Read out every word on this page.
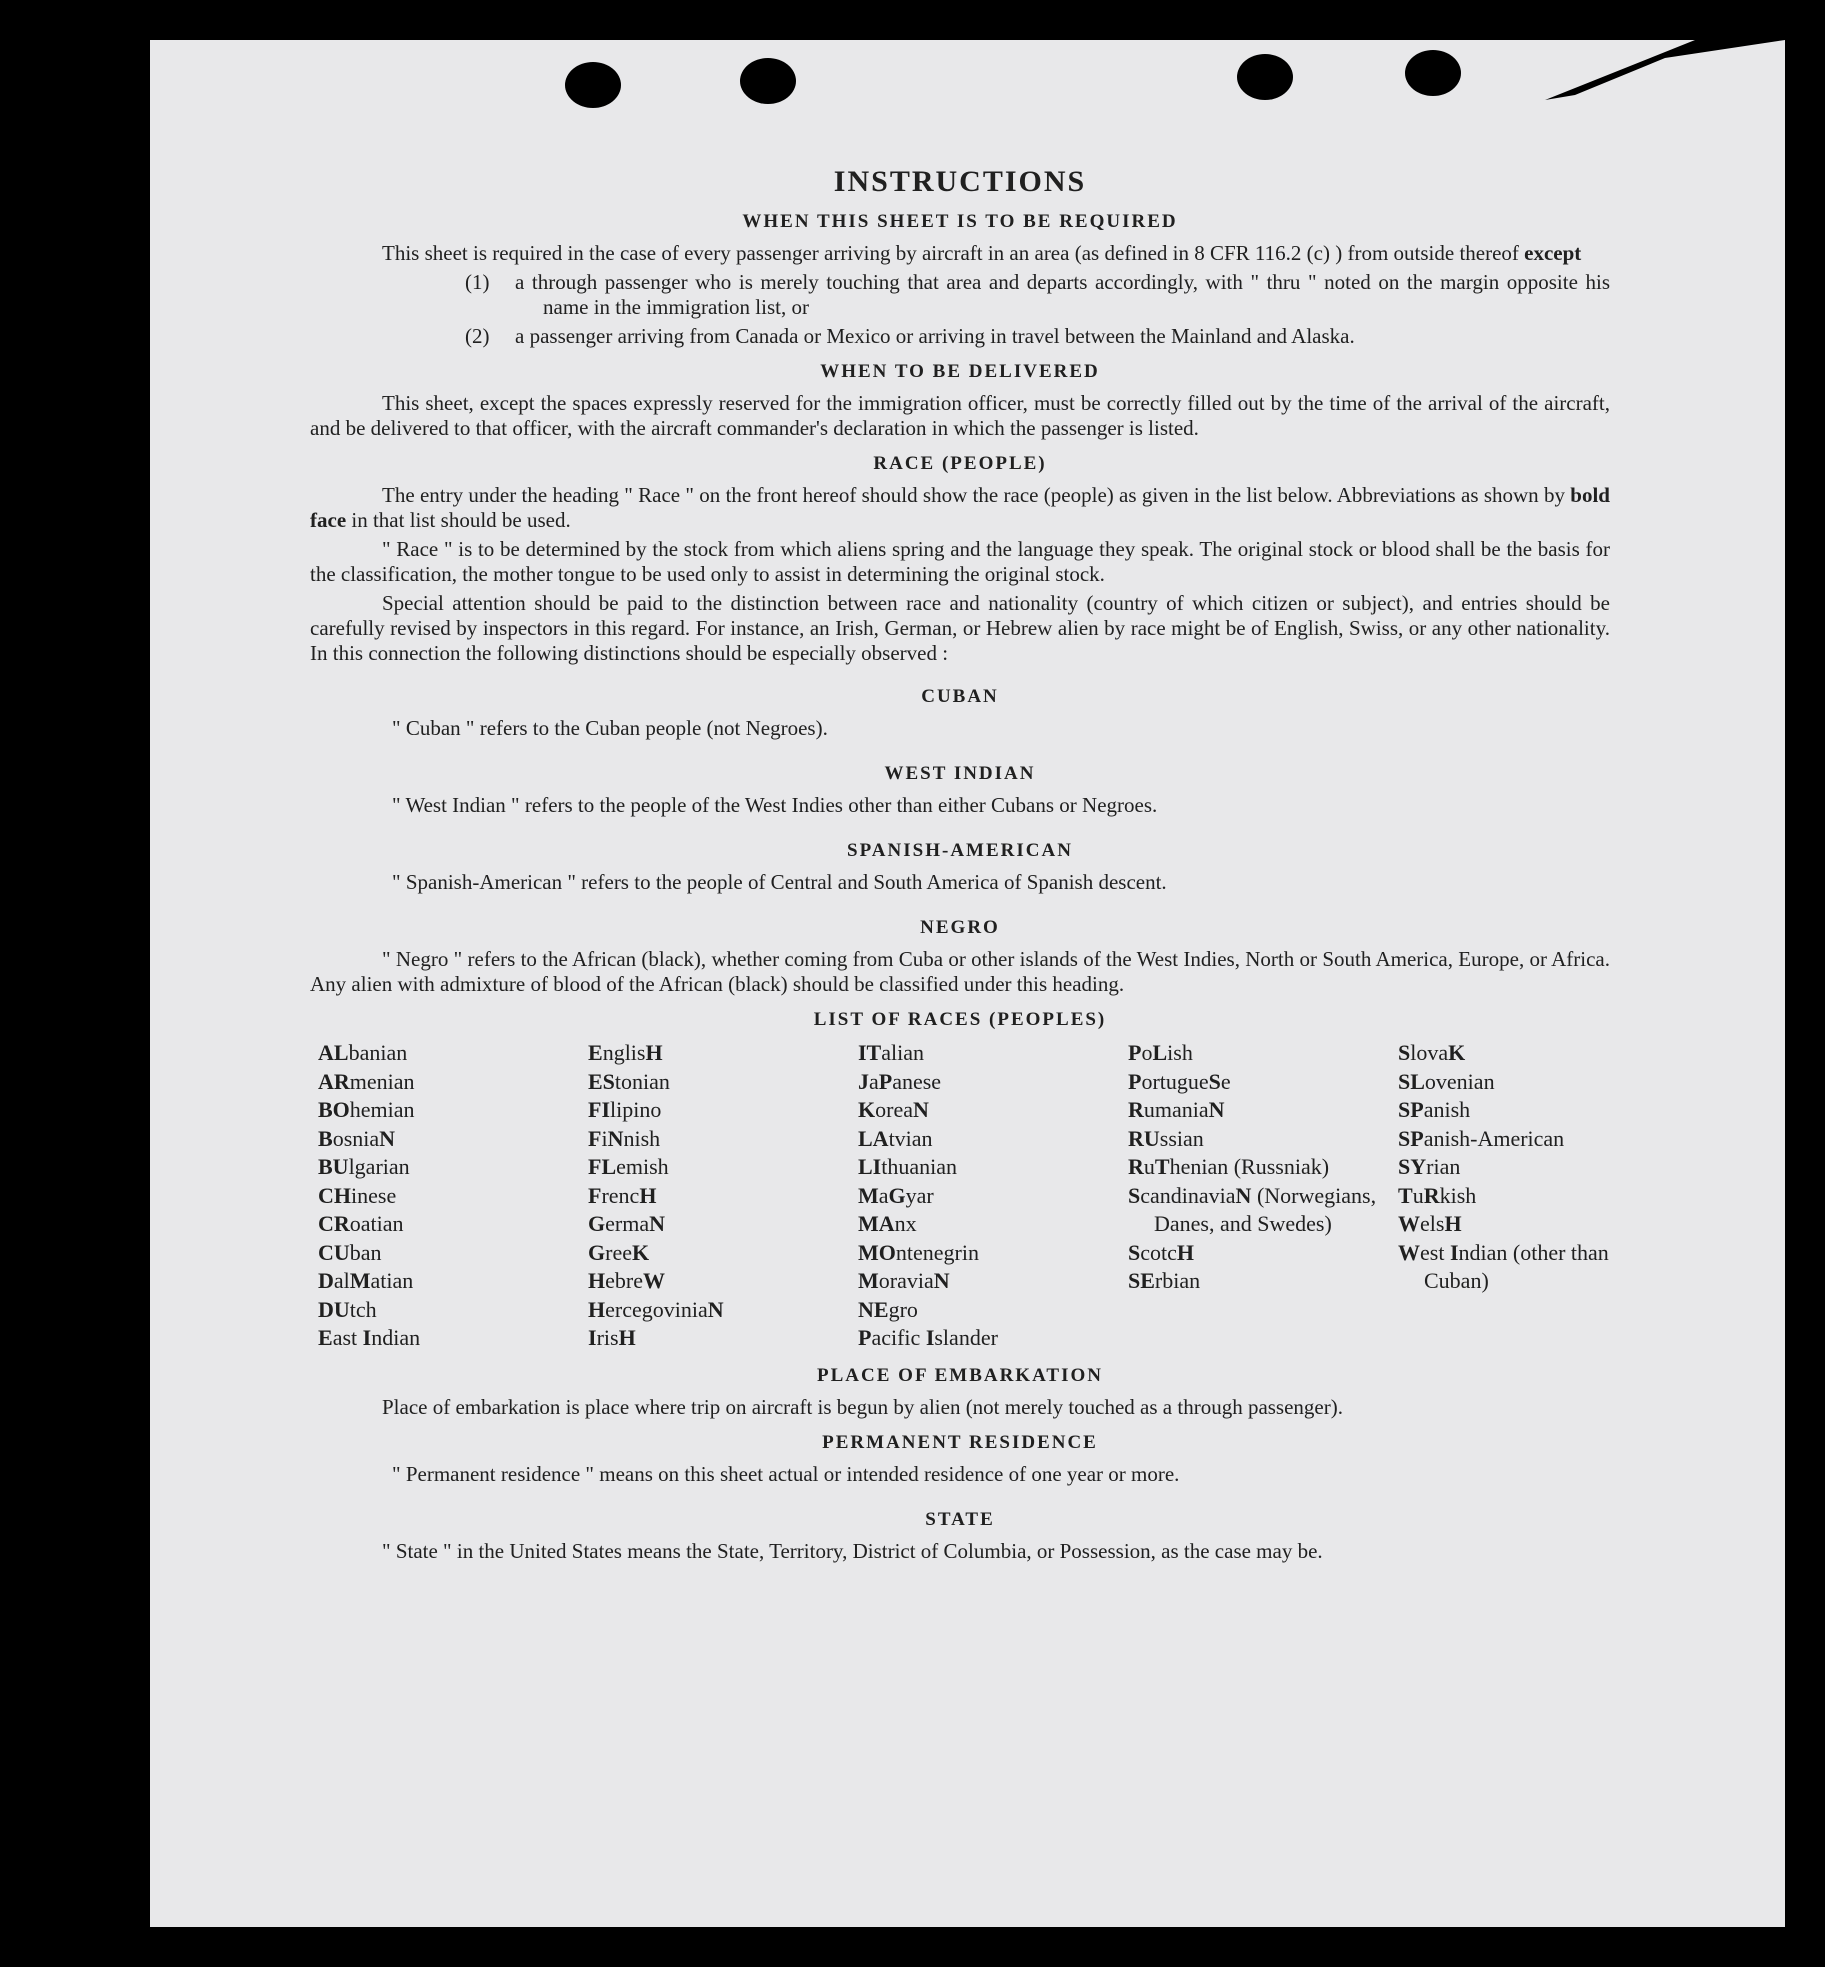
INSTRUCTIONS
WHEN THIS SHEET IS TO BE REQUIRED

This sheet is required in the case of every passenger arriving by aircraft in an area (as defined in 8 CFR 116.2 (c) ) from outside thereof except

(1) a through passenger who is merely touching that area and departs accordingly, with " thru " noted on the margin opposite his name in the immigration list, or

(2) a passenger arriving from Canada or Mexico or arriving in travel between the Mainland and Alaska.

WHEN TO BE DELIVERED

This sheet, except the spaces expressly reserved for the immigration officer, must be correctly filled out by the time of the arrival of the aircraft, and be delivered to that officer, with the aircraft commander's declaration in which the passenger is listed.

RACE (PEOPLE)

The entry under the heading " Race " on the front hereof should show the race (people) as given in the list below. Abbreviations as shown by bold face in that list should be used.

" Race " is to be determined by the stock from which aliens spring and the language they speak. The original stock or blood shall be the basis for the classification, the mother tongue to be used only to assist in determining the original stock.

Special attention should be paid to the distinction between race and nationality (country of which citizen or subject), and entries should be carefully revised by inspectors in this regard. For instance, an Irish, German, or Hebrew alien by race might be of English, Swiss, or any other nationality. In this connection the following distinctions should be especially observed :

CUBAN

" Cuban " refers to the Cuban people (not Negroes).

WEST INDIAN

" West Indian " refers to the people of the West Indies other than either Cubans or Negroes.

SPANISH-AMERICAN

" Spanish-American " refers to the people of Central and South America of Spanish descent.

NEGRO

" Negro " refers to the African (black), whether coming from Cuba or other islands of the West Indies, North or South America, Europe, or Africa. Any alien with admixture of blood of the African (black) should be classified under this heading.

LIST OF RACES (PEOPLES)
ALbanian
ARmenian
BOhemian
BosniaN
BUlgarian
CHinese
CRoatian
CUban
DalMatian
DUtch
East Indian
EnglisH
EStonian
FIlipino
FiNnish
FLemish
FrencH
GermaN
GreeK
HebreW
HercegoviniaN
IrisH
ITalian
JaPanese
KoreaN
LAtvian
LIthuanian
MaGyar
MAnx
MOntenegrin
MoraviaN
NEgro
Pacific Islander
PoLish
PortugueSe
RumaniaN
RUssian
RuThenian (Russniak)
ScandinaviaN (Norwegians, Danes, and Swedes)
ScotcH
SErbian
SlovaK
SLovenian
SPanish
SPanish-American
SYrian
TuRkish
WelsH
West Indian (other than Cuban)
PLACE OF EMBARKATION

Place of embarkation is place where trip on aircraft is begun by alien (not merely touched as a through passenger).

PERMANENT RESIDENCE

" Permanent residence " means on this sheet actual or intended residence of one year or more.

STATE

" State " in the United States means the State, Territory, District of Columbia, or Possession, as the case may be.
